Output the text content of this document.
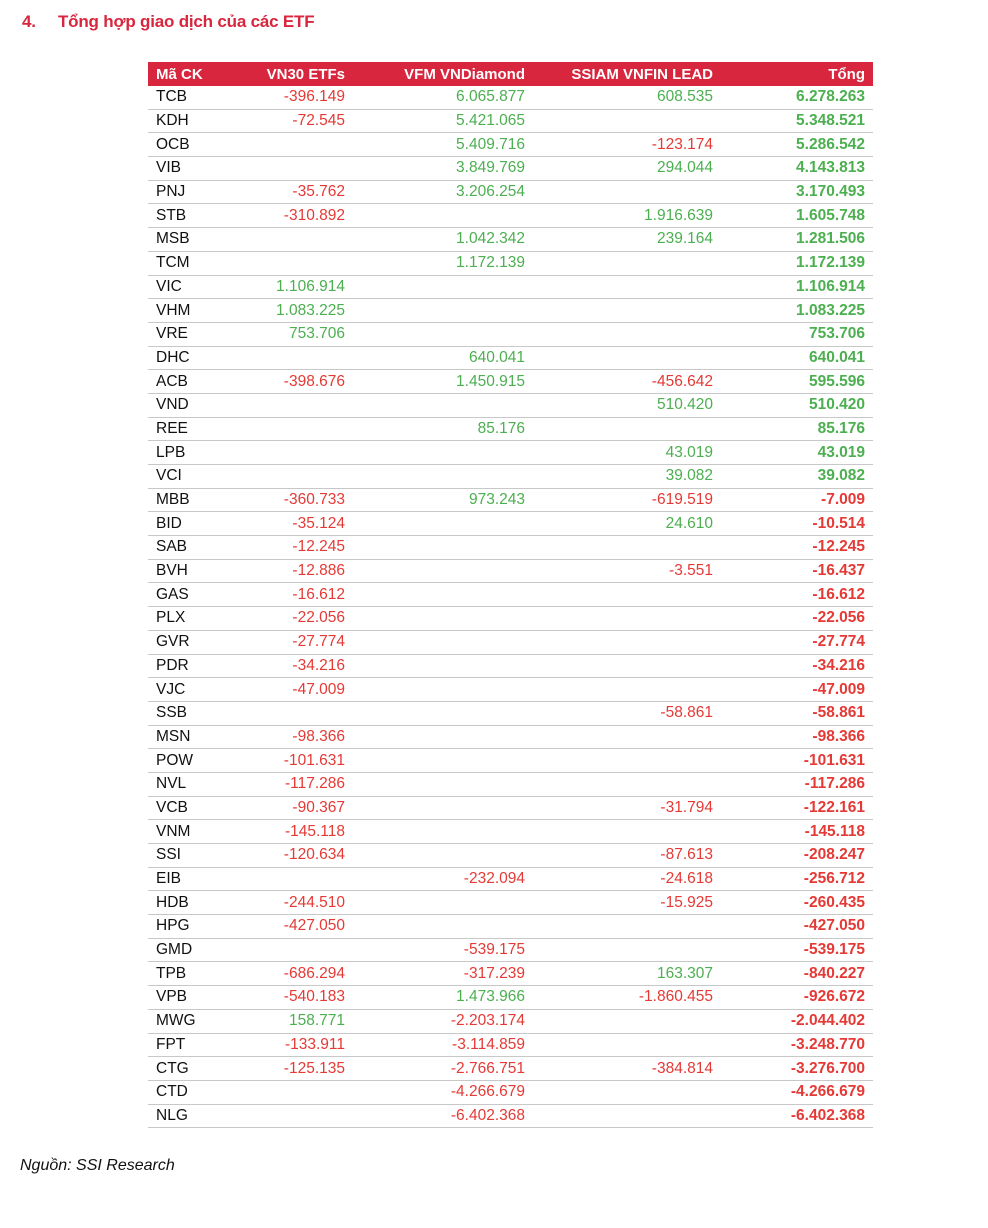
4. Tổng hợp giao dịch của các ETF
Mã CK	VN30 ETFs	VFM VNDiamond	SSIAM VNFIN LEAD	Tổng
TCB	-396.149	6.065.877	608.535	6.278.263
KDH	-72.545	5.421.065		5.348.521
OCB		5.409.716	-123.174	5.286.542
VIB		3.849.769	294.044	4.143.813
PNJ	-35.762	3.206.254		3.170.493
STB	-310.892		1.916.639	1.605.748
MSB		1.042.342	239.164	1.281.506
TCM		1.172.139		1.172.139
VIC	1.106.914			1.106.914
VHM	1.083.225			1.083.225
VRE	753.706			753.706
DHC		640.041		640.041
ACB	-398.676	1.450.915	-456.642	595.596
VND			510.420	510.420
REE		85.176		85.176
LPB			43.019	43.019
VCI			39.082	39.082
MBB	-360.733	973.243	-619.519	-7.009
BID	-35.124		24.610	-10.514
SAB	-12.245			-12.245
BVH	-12.886		-3.551	-16.437
GAS	-16.612			-16.612
PLX	-22.056			-22.056
GVR	-27.774			-27.774
PDR	-34.216			-34.216
VJC	-47.009			-47.009
SSB			-58.861	-58.861
MSN	-98.366			-98.366
POW	-101.631			-101.631
NVL	-117.286			-117.286
VCB	-90.367		-31.794	-122.161
VNM	-145.118			-145.118
SSI	-120.634		-87.613	-208.247
EIB		-232.094	-24.618	-256.712
HDB	-244.510		-15.925	-260.435
HPG	-427.050			-427.050
GMD		-539.175		-539.175
TPB	-686.294	-317.239	163.307	-840.227
VPB	-540.183	1.473.966	-1.860.455	-926.672
MWG	158.771	-2.203.174		-2.044.402
FPT	-133.911	-3.114.859		-3.248.770
CTG	-125.135	-2.766.751	-384.814	-3.276.700
CTD		-4.266.679		-4.266.679
NLG		-6.402.368		-6.402.368
Nguồn: SSI Research
